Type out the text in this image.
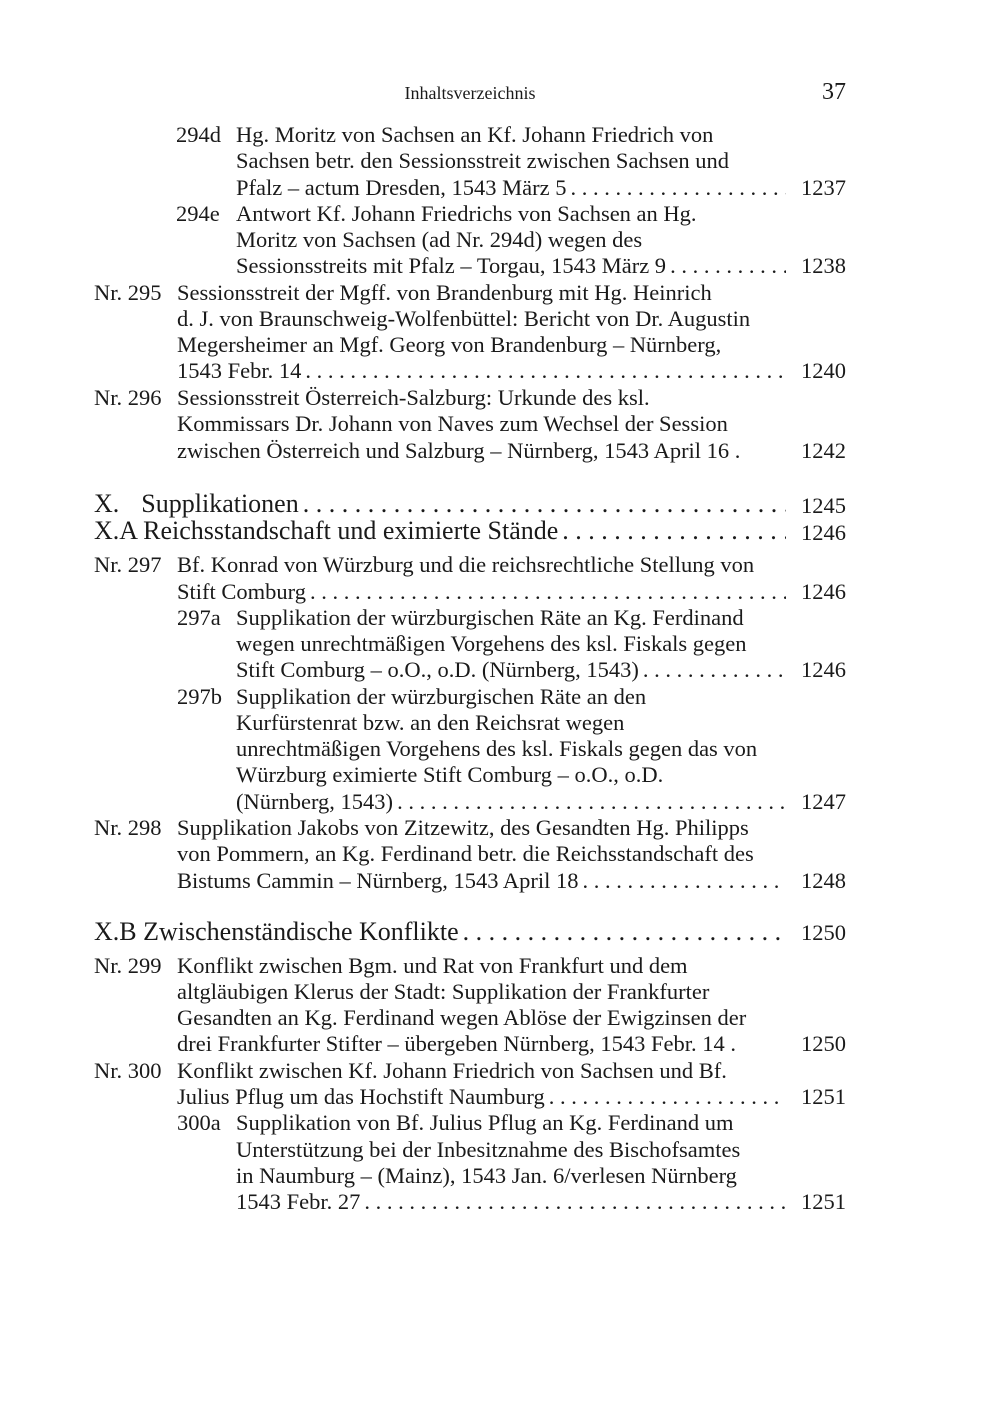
Inhaltsverzeichnis	37
294d Hg. Moritz von Sachsen an Kf. Johann Friedrich von
Sachsen betr. den Sessionsstreit zwischen Sachsen und
Pfalz – actum Dresden, 1543 März 5 . . .	1237
294e Antwort Kf. Johann Friedrichs von Sachsen an Hg.
Moritz von Sachsen (ad Nr. 294d) wegen des
Sessionsstreits mit Pfalz – Torgau, 1543 März 9 . . .	1238
Nr. 295 Sessionsstreit der Mgff. von Brandenburg mit Hg. Heinrich
d. J. von Braunschweig-Wolfenbüttel: Bericht von Dr. Augustin
Megersheimer an Mgf. Georg von Brandenburg – Nürnberg,
1543 Febr. 14 . . .	1240
Nr. 296 Sessionsstreit Österreich-Salzburg: Urkunde des ksl.
Kommissars Dr. Johann von Naves zum Wechsel der Session
zwischen Österreich und Salzburg – Nürnberg, 1543 April 16 .	1242
X. Supplikationen . . .	1245
X.A Reichsstandschaft und eximierte Stände . . .	1246
Nr. 297 Bf. Konrad von Würzburg und die reichsrechtliche Stellung von
Stift Comburg . . .	1246
297a Supplikation der würzburgischen Räte an Kg. Ferdinand
wegen unrechtmäßigen Vorgehens des ksl. Fiskals gegen
Stift Comburg – o.O., o.D. (Nürnberg, 1543) . . .	1246
297b Supplikation der würzburgischen Räte an den
Kurfürstenrat bzw. an den Reichsrat wegen
unrechtmäßigen Vorgehens des ksl. Fiskals gegen das von
Würzburg eximierte Stift Comburg – o.O., o.D.
(Nürnberg, 1543) . . .	1247
Nr. 298 Supplikation Jakobs von Zitzewitz, des Gesandten Hg. Philipps
von Pommern, an Kg. Ferdinand betr. die Reichsstandschaft des
Bistums Cammin – Nürnberg, 1543 April 18 . . .	1248
X.B Zwischenständische Konflikte . . .	1250
Nr. 299 Konflikt zwischen Bgm. und Rat von Frankfurt und dem
altgläubigen Klerus der Stadt: Supplikation der Frankfurter
Gesandten an Kg. Ferdinand wegen Ablöse der Ewigzinsen der
drei Frankfurter Stifter – übergeben Nürnberg, 1543 Febr. 14 .	1250
Nr. 300 Konflikt zwischen Kf. Johann Friedrich von Sachsen und Bf.
Julius Pflug um das Hochstift Naumburg . . .	1251
300a Supplikation von Bf. Julius Pflug an Kg. Ferdinand um
Unterstützung bei der Inbesitznahme des Bischofsamtes
in Naumburg – (Mainz), 1543 Jan. 6/verlesen Nürnberg
1543 Febr. 27 . . .	1251
